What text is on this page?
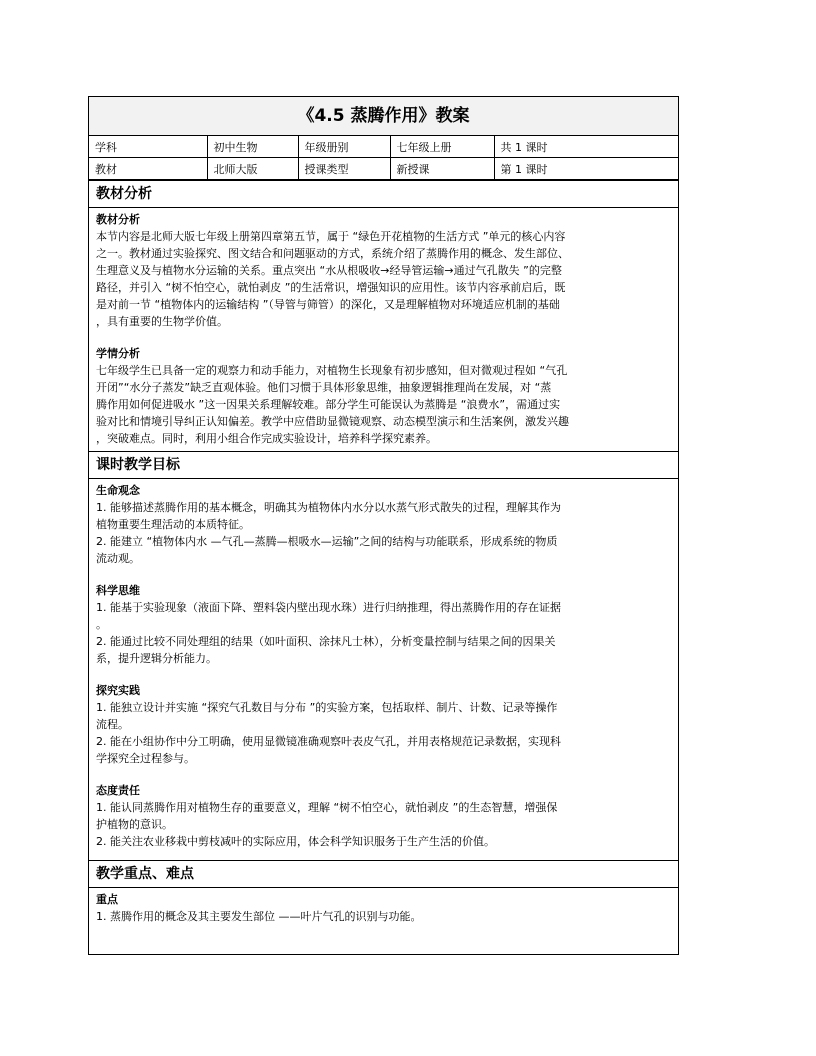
《4.5 蒸腾作用》教案
学科	初中生物	年级册别	七年级上册	共 1 课时
教材	北师大版	授课类型	新授课	第 1 课时
教材分析
教材分析
本节内容是北师大版七年级上册第四章第五节，属于 “绿色开花植物的生活方式 ”单元的核心内容
之一。教材通过实验探究、图文结合和问题驱动的方式，系统介绍了蒸腾作用的概念、发生部位、
生理意义及与植物水分运输的关系。重点突出 “水从根吸收→经导管运输→通过气孔散失 ”的完整
路径，并引入 “树不怕空心，就怕剥皮 ”的生活常识，增强知识的应用性。该节内容承前启后，既
是对前一节 “植物体内的运输结构 ”（导管与筛管）的深化，又是理解植物对环境适应机制的基础
，具有重要的生物学价值。
学情分析
七年级学生已具备一定的观察力和动手能力，对植物生长现象有初步感知，但对微观过程如 “气孔
开闭”“水分子蒸发”缺乏直观体验。他们习惯于具体形象思维，抽象逻辑推理尚在发展，对 “蒸
腾作用如何促进吸水 ”这一因果关系理解较难。部分学生可能误认为蒸腾是 “浪费水”，需通过实
验对比和情境引导纠正认知偏差。教学中应借助显微镜观察、动态模型演示和生活案例，激发兴趣
，突破难点。同时，利用小组合作完成实验设计，培养科学探究素养。
课时教学目标
生命观念
1. 能够描述蒸腾作用的基本概念，明确其为植物体内水分以水蒸气形式散失的过程，理解其作为
植物重要生理活动的本质特征。
2. 能建立 “植物体内水 —气孔—蒸腾—根吸水—运输”之间的结构与功能联系，形成系统的物质
流动观。
科学思维
1. 能基于实验现象（液面下降、塑料袋内壁出现水珠）进行归纳推理，得出蒸腾作用的存在证据
。
2. 能通过比较不同处理组的结果（如叶面积、涂抹凡士林），分析变量控制与结果之间的因果关
系，提升逻辑分析能力。
探究实践
1. 能独立设计并实施 “探究气孔数目与分布 ”的实验方案，包括取样、制片、计数、记录等操作
流程。
2. 能在小组协作中分工明确，使用显微镜准确观察叶表皮气孔，并用表格规范记录数据，实现科
学探究全过程参与。
态度责任
1. 能认同蒸腾作用对植物生存的重要意义，理解 “树不怕空心，就怕剥皮 ”的生态智慧，增强保
护植物的意识。
2. 能关注农业移栽中剪枝减叶的实际应用，体会科学知识服务于生产生活的价值。
教学重点、难点
重点
1. 蒸腾作用的概念及其主要发生部位 ——叶片气孔的识别与功能。
